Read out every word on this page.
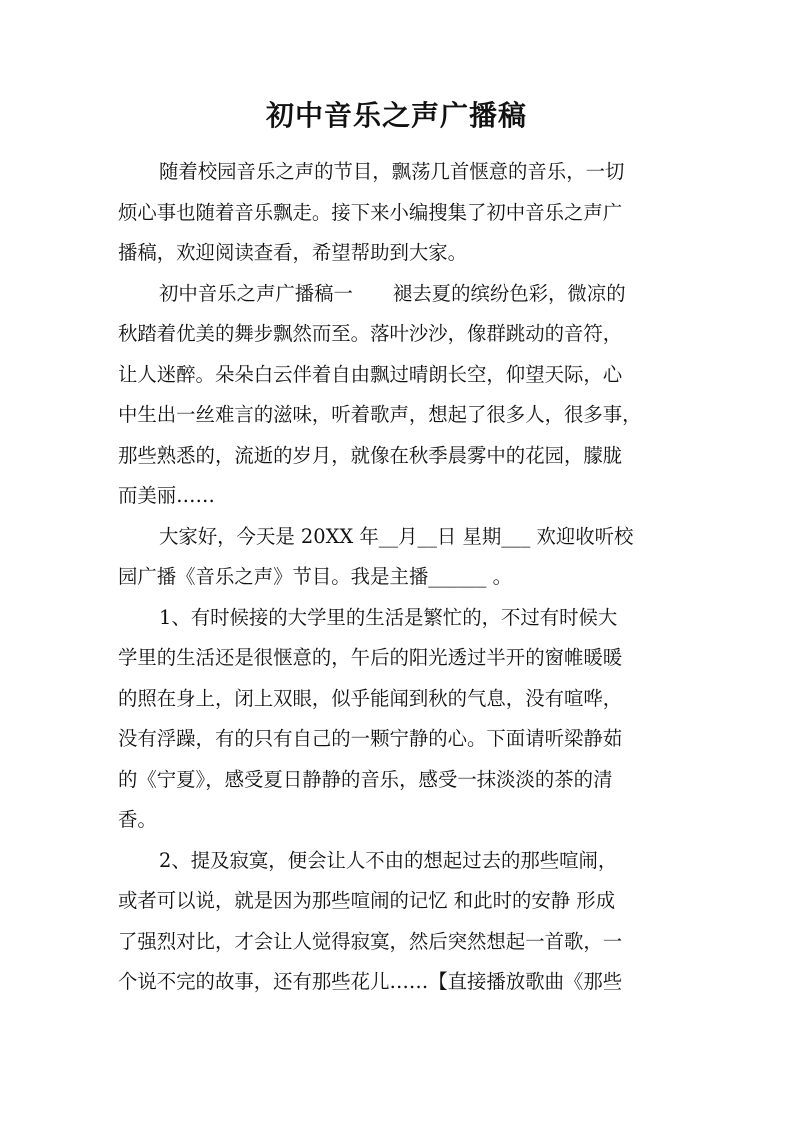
初中音乐之声广播稿
随着校园音乐之声的节目，飘荡几首惬意的音乐，一切
烦心事也随着音乐飘走。接下来小编搜集了初中音乐之声广
播稿，欢迎阅读查看，希望帮助到大家。
初中音乐之声广播稿一 褪去夏的缤纷色彩，微凉的
秋踏着优美的舞步飘然而至。落叶沙沙，像群跳动的音符，
让人迷醉。朵朵白云伴着自由飘过晴朗长空，仰望天际，心
中生出一丝难言的滋味，听着歌声，想起了很多人，很多事，
那些熟悉的，流逝的岁月，就像在秋季晨雾中的花园，朦胧
而美丽……
大家好，今天是 20XX 年__月__日 星期___ 欢迎收听校
园广播《音乐之声》节目。我是主播______ 。
1、有时候接的大学里的生活是繁忙的，不过有时候大
学里的生活还是很惬意的，午后的阳光透过半开的窗帷暖暖
的照在身上，闭上双眼，似乎能闻到秋的气息，没有喧哗，
没有浮躁，有的只有自己的一颗宁静的心。下面请听梁静茹
的《宁夏》，感受夏日静静的音乐，感受一抹淡淡的茶的清
香。
2、提及寂寞，便会让人不由的想起过去的那些喧闹，
或者可以说，就是因为那些喧闹的记忆 和此时的安静 形成
了强烈对比，才会让人觉得寂寞，然后突然想起一首歌，一
个说不完的故事，还有那些花儿……【直接播放歌曲《那些
